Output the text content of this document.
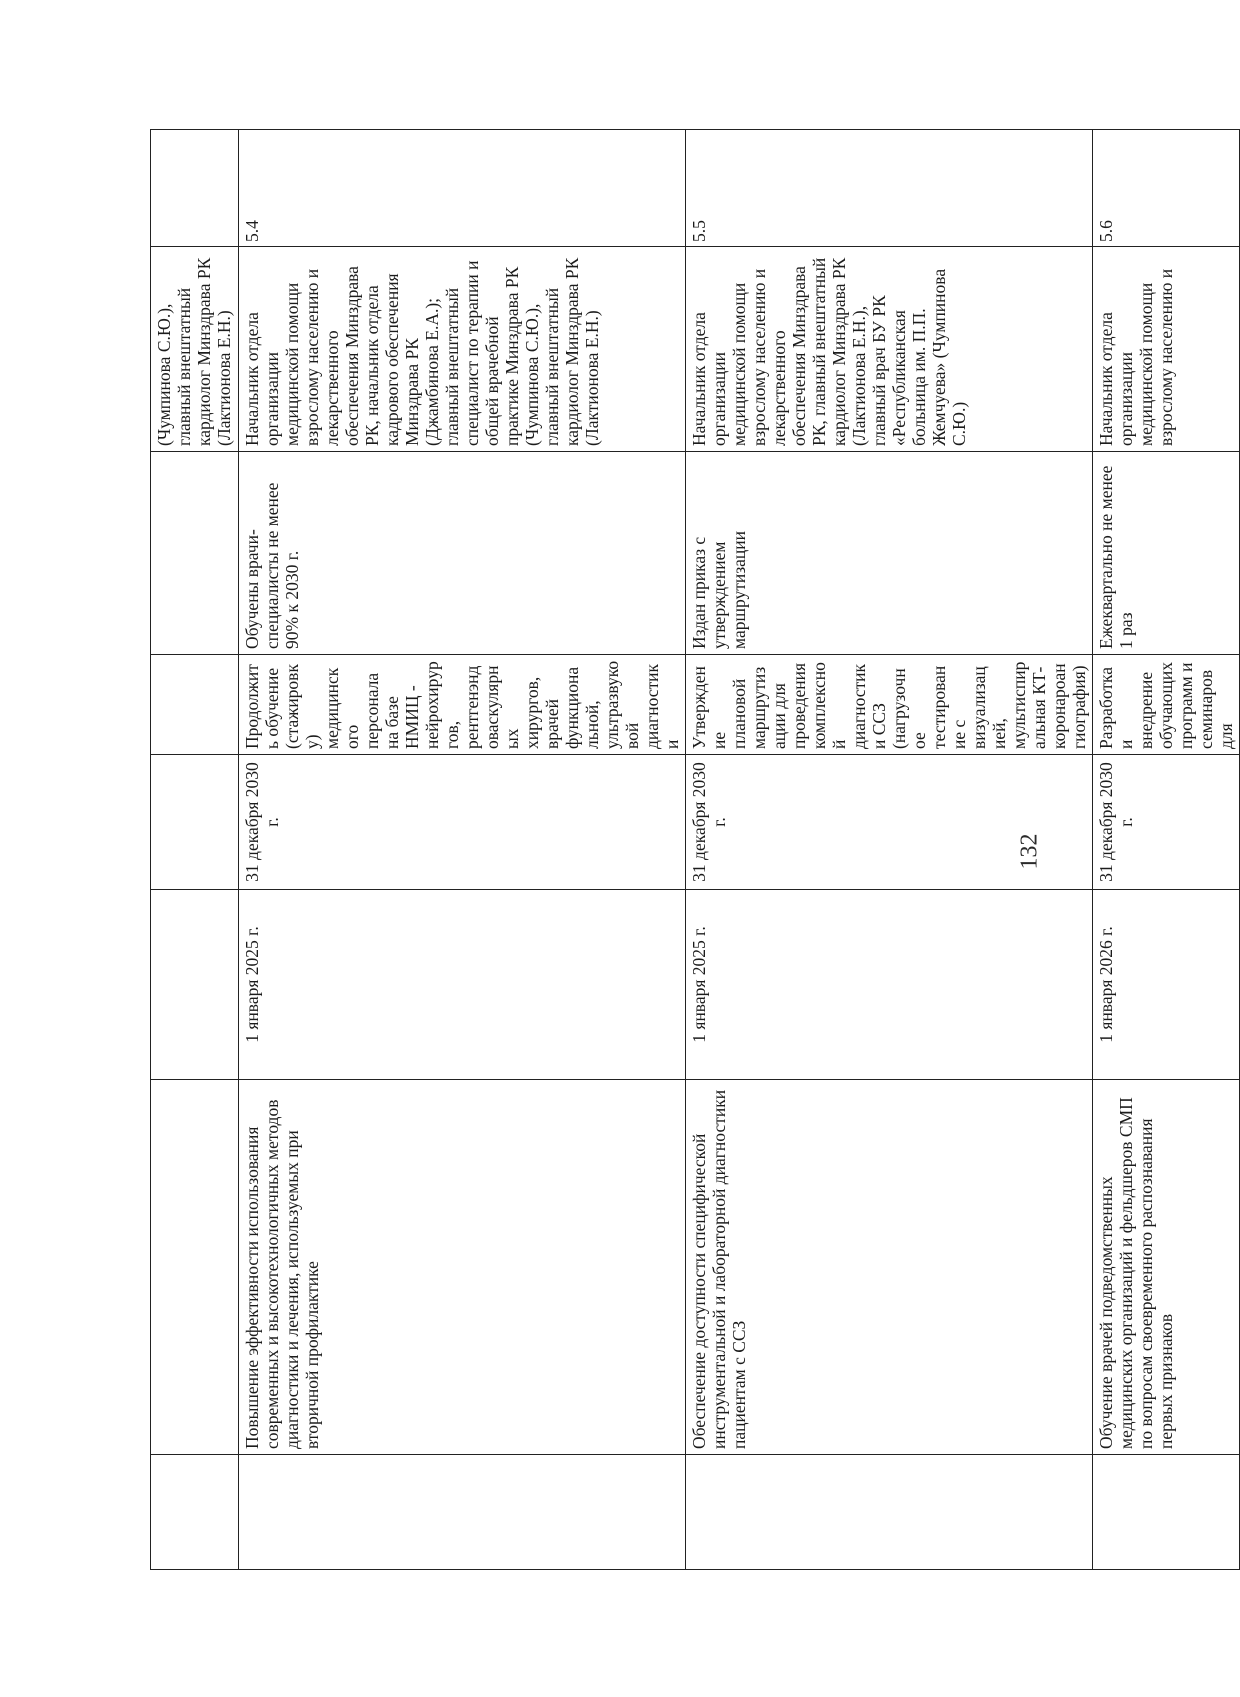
						(Чумпинова С.Ю.), главный внештатный кардиолог Минздрава РК (Лактионова Е.Н.)	
	Повышение эффективности использования современных и высокотехнологичных методов диагностики и лечения, используемых при вторичной профилактике	1 января 2025 г.	31 декабря 2030 г.	Продолжить обучение (стажировку) медицинского персонала на базе НМИЦ - нейрохирургов, рентгенэндоваскулярных хирургов, врачей функциональной, ультразвуковой диагностики	Обучены врачи-специалисты не менее 90% к 2030 г.	Начальник отдела организации медицинской помощи взрослому населению и лекарственного обеспечения Минздрава РК, начальник отдела кадрового обеспечения Минздрава РК (Джамбинова Е.А.); главный внештатный специалист по терапии и общей врачебной практике Минздрава РК (Чумпинова С.Ю.), главный внештатный кардиолог Минздрава РК (Лактионова Е.Н.)	5.4
	Обеспечение доступности специфической инструментальной и лабораторной диагностики пациентам с ССЗ	1 января 2025 г.	31 декабря 2030 г.	Утверждение плановой маршрутизации для проведения комплексной диагностики ССЗ (нагрузочное тестирование с визуализацией, мультиспиральная КТ-коронароангиография)	Издан приказ с утверждением маршрутизации	Начальник отдела организации медицинской помощи взрослому населению и лекарственного обеспечения Минздрава РК, главный внештатный кардиолог Минздрава РК (Лактионова Е.Н.), главный врач БУ РК «Республиканская больница им. П.П. Жемчуева» (Чумпинова С.Ю.)	5.5
	Обучение врачей подведомственных медицинских организаций и фельдшеров СМП по вопросам своевременного распознавания первых признаков	1 января 2026 г.	31 декабря 2030 г.	Разработка и внедрение обучающих программ и семинаров для	Ежеквартально не менее 1 раз	Начальник отдела организации медицинской помощи взрослому населению и	5.6
132
